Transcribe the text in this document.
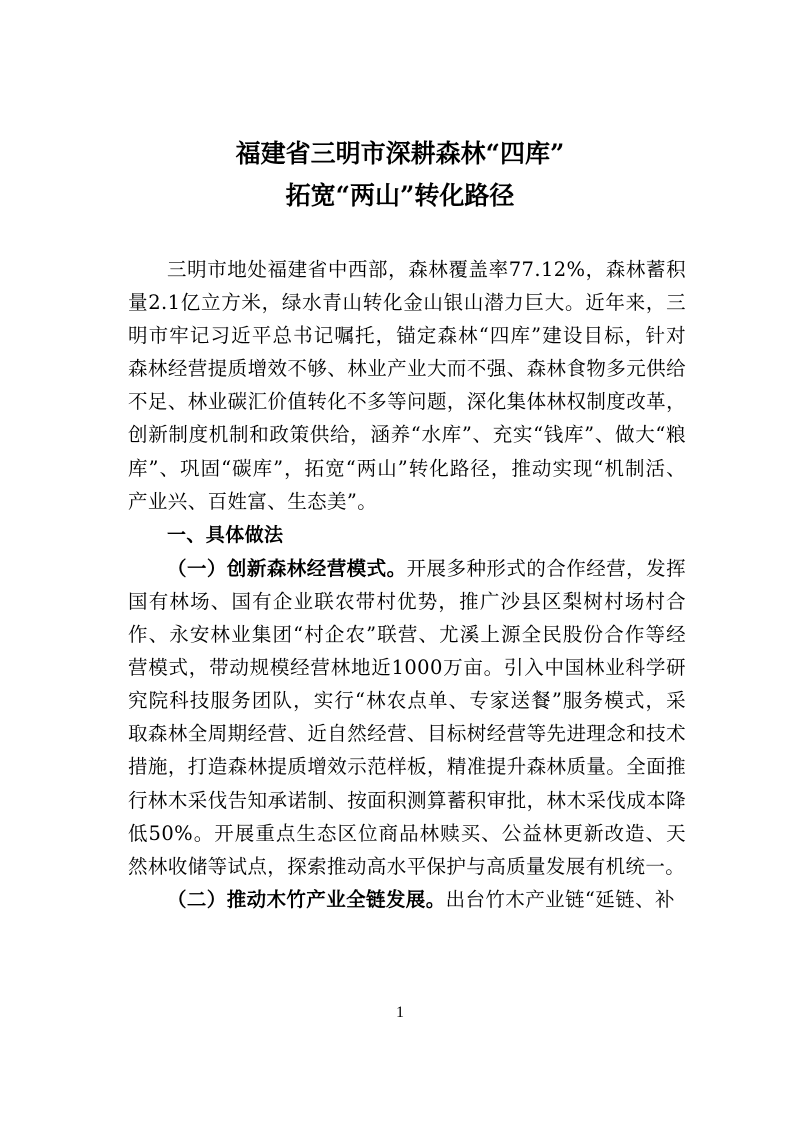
福建省三明市深耕森林“四库”
拓宽“两山”转化路径

三明市地处福建省中西部，森林覆盖率77.12%，森林蓄积量2.1亿立方米，绿水青山转化金山银山潜力巨大。近年来，三明市牢记习近平总书记嘱托，锚定森林“四库”建设目标，针对森林经营提质增效不够、林业产业大而不强、森林食物多元供给不足、林业碳汇价值转化不多等问题，深化集体林权制度改革，创新制度机制和政策供给，涵养“水库”、充实“钱库”、做大“粮库”、巩固“碳库”，拓宽“两山”转化路径，推动实现“机制活、产业兴、百姓富、生态美”。

一、具体做法

（一）创新森林经营模式。开展多种形式的合作经营，发挥国有林场、国有企业联农带村优势，推广沙县区梨树村场村合作、永安林业集团“村企农”联营、尤溪上源全民股份合作等经营模式，带动规模经营林地近1000万亩。引入中国林业科学研究院科技服务团队，实行“林农点单、专家送餐”服务模式，采取森林全周期经营、近自然经营、目标树经营等先进理念和技术措施，打造森林提质增效示范样板，精准提升森林质量。全面推行林木采伐告知承诺制、按面积测算蓄积审批，林木采伐成本降低50%。开展重点生态区位商品林赎买、公益林更新改造、天然林收储等试点，探索推动高水平保护与高质量发展有机统一。

（二）推动木竹产业全链发展。出台竹木产业链“延链、补

1
